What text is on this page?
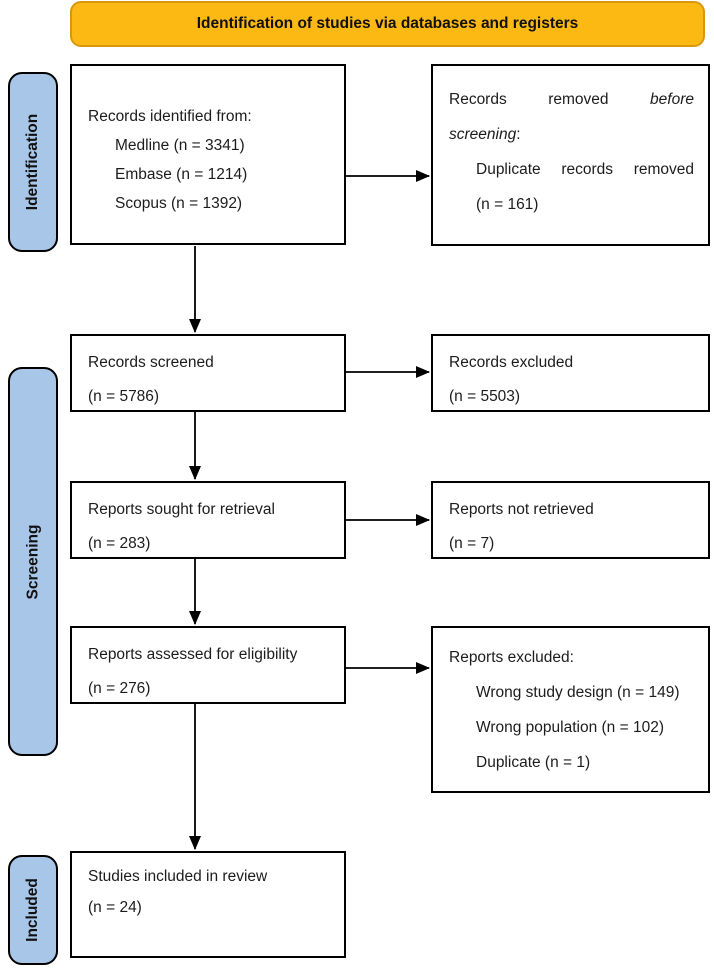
Identification of studies via databases and registers
Identification
Screening
Included
Records identified from:
Medline (n = 3341)
Embase (n = 1214)
Scopus (n = 1392)
Records	removed	before
screening:
Duplicate records removed
(n = 161)
Records screened
(n = 5786)
Records excluded
(n = 5503)
Reports sought for retrieval
(n = 283)
Reports not retrieved
(n = 7)
Reports assessed for eligibility
(n = 276)
Reports excluded:
Wrong study design (n = 149)
Wrong population (n = 102)
Duplicate (n = 1)
Studies included in review
(n = 24)
